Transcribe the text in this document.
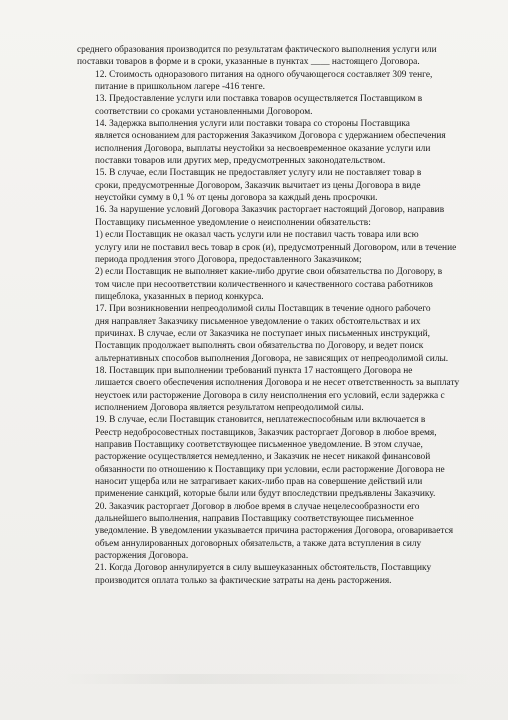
среднего образования производится по результатам фактического выполнения услуги или
поставки товаров в форме и в сроки, указанные в пунктах ____ настоящего Договора.

12. Стоимость одноразового питания на одного обучающегося составляет 309 тенге,
питание в пришкольном лагере -416 тенге.

13. Предоставление услуги или поставка товаров осуществляется Поставщиком в
соответствии со сроками установленными Договором.

14. Задержка выполнения услуги или поставки товара со стороны Поставщика
является основанием для расторжения Заказчиком Договора с удержанием обеспечения
исполнения Договора, выплаты неустойки за несвоевременное оказание услуги или
поставки товаров или других мер, предусмотренных законодательством.

15. В случае, если Поставщик не предоставляет услугу или не поставляет товар в
сроки, предусмотренные Договором, Заказчик вычитает из цены Договора в виде
неустойки сумму в 0,1 % от цены договора за каждый день просрочки.

16. За нарушение условий Договора Заказчик расторгает настоящий Договор, направив
Поставщику письменное уведомление о неисполнении обязательств:

1) если Поставщик не оказал часть услуги или не поставил часть товара или всю
услугу или не поставил весь товар в срок (и), предусмотренный Договором, или в течение
периода продления этого Договора, предоставленного Заказчиком;

2) если Поставщик не выполняет какие-либо другие свои обязательства по Договору, в
том числе при несоответствии количественного и качественного состава работников
пищеблока, указанных в период конкурса.

17. При возникновении непреодолимой силы Поставщик в течение одного рабочего
дня направляет Заказчику письменное уведомление о таких обстоятельствах и их
причинах. В случае, если от Заказчика не поступает иных письменных инструкций,
Поставщик продолжает выполнять свои обязательства по Договору, и ведет поиск
альтернативных способов выполнения Договора, не зависящих от непреодолимой силы.

18. Поставщик при выполнении требований пункта 17 настоящего Договора не
лишается своего обеспечения исполнения Договора и не несет ответственность за выплату
неустоек или расторжение Договора в силу неисполнения его условий, если задержка с
исполнением Договора является результатом непреодолимой силы.

19. В случае, если Поставщик становится, неплатежеспособным или включается в
Реестр недобросовестных поставщиков, Заказчик расторгает Договор в любое время,
направив Поставщику соответствующее письменное уведомление. В этом случае,
расторжение осуществляется немедленно, и Заказчик не несет никакой финансовой
обязанности по отношению к Поставщику при условии, если расторжение Договора не
наносит ущерба или не затрагивает каких-либо прав на совершение действий или
применение санкций, которые были или будут впоследствии предъявлены Заказчику.

20. Заказчик расторгает Договор в любое время в случае нецелесообразности его
дальнейшего выполнения, направив Поставщику соответствующее письменное
уведомление. В уведомлении указывается причина расторжения Договора, оговаривается
объем аннулированных договорных обязательств, а также дата вступления в силу
расторжения Договора.

21. Когда Договор аннулируется в силу вышеуказанных обстоятельств, Поставщику
производится оплата только за фактические затраты на день расторжения.
